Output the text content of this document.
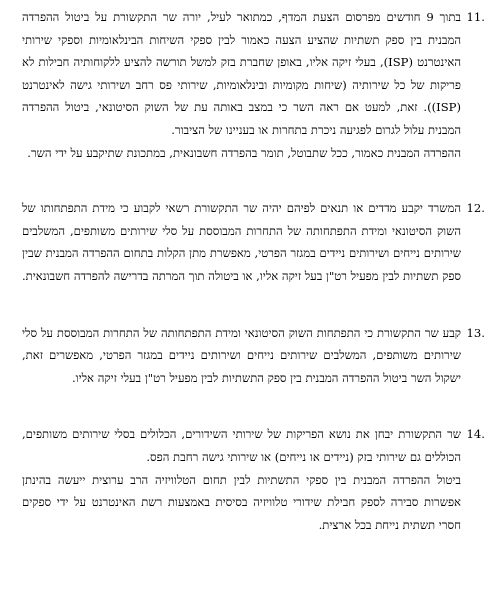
11.

בתוך 9 חודשים מפרסום הצעת המדף, כמתואר לעיל, יורה שר התקשורת על ביטול ההפרדה המבנית בין ספק תשתיות שהציע הצעה כאמור לבין ספקי השיחות הבינלאומיות וספקי שירותי האינטרנט (ISP), בעלי זיקה אליו, באופן שחברת בזק למשל תורשה להציע ללקוחותיה חבילות לא פריקות של כל שירותיה (שיחות מקומיות ובינלאומיות, שירותי פס רחב ושירותי גישה לאינטרנט (ISP)). זאת, למעט אם ראה השר כי במצב באותה עת של השוק הסיטונאי, ביטול ההפרדה המבנית עלול לגרום לפגיעה ניכרת בתחרות או בעניינו של הציבור.

ההפרדה המבנית כאמור, ככל שתבוטל, תומר בהפרדה חשבונאית, במתכונת שתיקבע על ידי השר.

12.

המשרד יקבע מדדים או תנאים לפיהם יהיה שר התקשורת רשאי לקבוע כי מידת התפתחותו של השוק הסיטונאי ומידת התפתחותה של התחרות המבוססת על סלי שירותים משותפים, המשלבים שירותים נייחים ושירותים ניידים במגזר הפרטי, מאפשרת מתן הקלות בתחום ההפרדה המבנית שבין ספק תשתיות לבין מפעיל רט"ן בעל זיקה אליו, או ביטולה תוך המרתה בדרישה להפרדה חשבונאית.

13.

קבע שר התקשורת כי התפתחות השוק הסיטונאי ומידת התפתחותה של התחרות המבוססת על סלי שירותים משותפים, המשלבים שירותים נייחים ושירותים ניידים במגזר הפרטי, מאפשרים זאת, ישקול השר ביטול ההפרדה המבנית בין ספק התשתיות לבין מפעיל רט"ן בעלי זיקה אליו.

14.

שר התקשורת יבחן את נושא הפריקות של שירותי השידורים, הכלולים בסלי שירותים משותפים, הכוללים גם שירותי בזק (ניידים או נייחים) או שירותי גישה רחבת הפס.

ביטול ההפרדה המבנית בין ספקי התשתיות לבין תחום הטלוויזיה הרב ערוצית ייעשה בהינתן אפשרות סבירה לספק חבילת שידורי טלוויזיה בסיסית באמצעות רשת האינטרנט על ידי ספקים חסרי תשתית נייחת בכל ארצית.
